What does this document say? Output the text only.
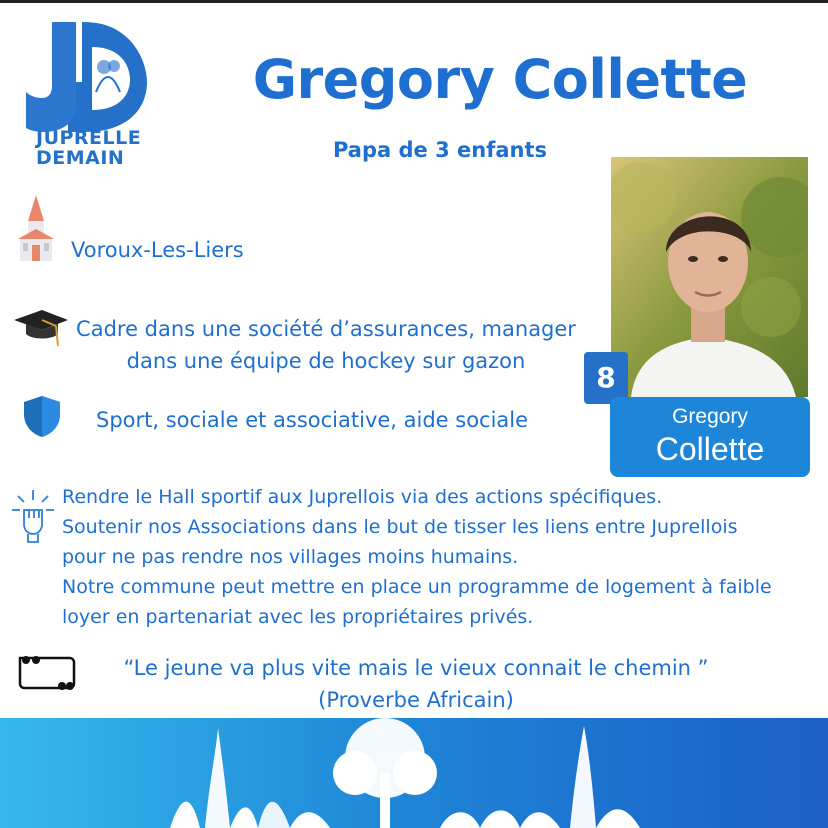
JUPRELLE
DEMAIN
Gregory Collette
Papa de 3 enfants
8
Gregory
Collette
Voroux-Les-Liers
Cadre dans une société d’assurances, manager
dans une équipe de hockey sur gazon
Sport, sociale et associative, aide sociale
Rendre le Hall sportif aux Juprellois via des actions spécifiques.
Soutenir nos Associations dans le but de tisser les liens entre Juprellois
pour ne pas rendre nos villages moins humains.
Notre commune peut mettre en place un programme de logement à faible
loyer en partenariat avec les propriétaires privés.
“Le jeune va plus vite mais le vieux connait le chemin ”
(Proverbe Africain)
